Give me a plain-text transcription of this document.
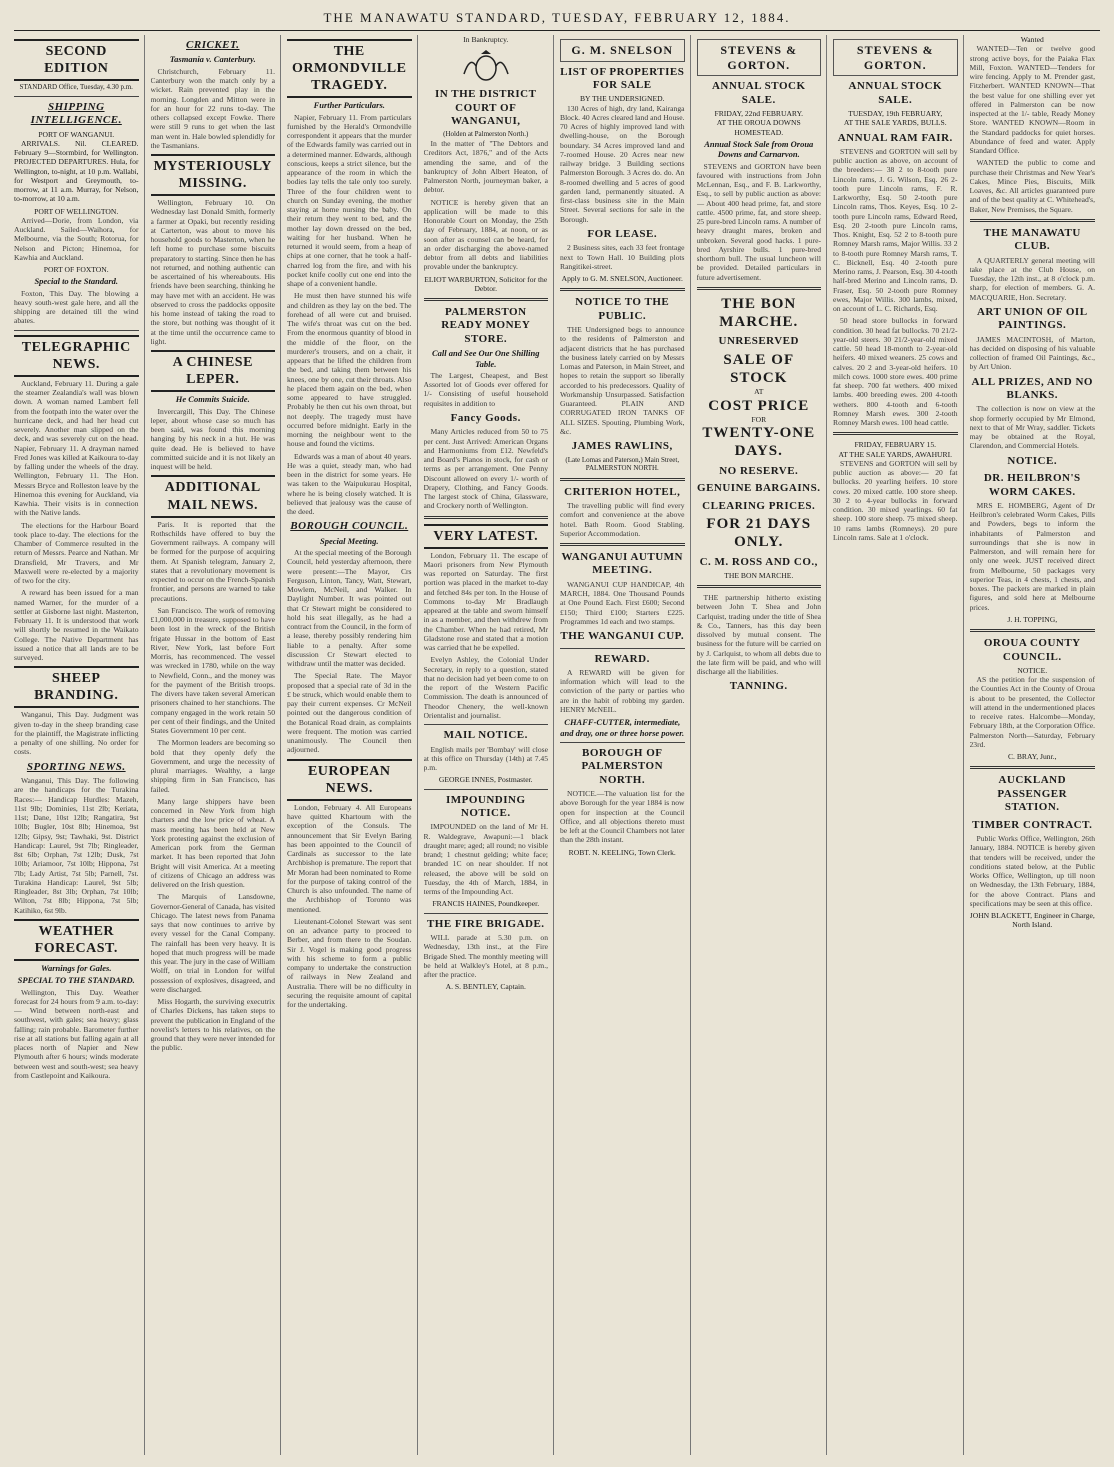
THE MANAWATU STANDARD, TUESDAY, FEBRUARY 12, 1884.
SECOND EDITION
STANDARD Office, Tuesday, 4.30 p.m.
SHIPPING INTELLIGENCE.
PORT OF WANGANUI.

ARRIVALS. Nil. CLEARED. February 9—Stormbird, for Wellington. PROJECTED DEPARTURES. Hula, for Wellington, to-night, at 10 p.m. Wallabi, for Westport and Greymouth, to-morrow, at 11 a.m. Murray, for Nelson, to-morrow, at 10 a.m.

PORT OF WELLINGTON.

Arrived—Dorie, from London, via Auckland. Sailed—Waihora, for Melbourne, via the South; Rotorua, for Nelson and Picton; Hinemoa, for Kawhia and Auckland.

PORT OF FOXTON.
Special to the Standard.

Foxton, This Day. The blowing a heavy south-west gale here, and all the shipping are detained till the wind abates.

TELEGRAPHIC NEWS.

Auckland, February 11. During a gale the steamer Zealandia's wall was blown down. A woman named Lambert fell from the footpath into the water over the hurricane deck, and had her head cut severely. Another man slipped on the deck, and was severely cut on the head. Napier, February 11. A drayman named Fred Jones was killed at Kaikoura to-day by falling under the wheels of the dray. Wellington, February 11. The Hon. Messrs Bryce and Rolleston leave by the Hinemoa this evening for Auckland, via Kawhia. Their visits is in connection with the Native lands.

The elections for the Harbour Board took place to-day. The elections for the Chamber of Commerce resulted in the return of Messrs. Pearce and Nathan. Mr Dransfield, Mr Travers, and Mr Maxwell were re-elected by a majority of two for the city.

A reward has been issued for a man named Warner, for the murder of a settler at Gisborne last night. Masterton, February 11. It is understood that work will shortly be resumed in the Waikato College. The Native Department has issued a notice that all lands are to be surveyed.

SHEEP BRANDING.

Wanganui, This Day. Judgment was given to-day in the sheep branding case for the plaintiff, the Magistrate inflicting a penalty of one shilling. No order for costs.

SPORTING NEWS.

Wanganui, This Day. The following are the handicaps for the Turakina Races:— Handicap Hurdles: Mazeh, 11st 9lb; Dominies, 11st 2lb; Keriata, 11st; Dane, 10st 12lb; Rangatira, 9st 10lb; Bugler, 10st 8lb; Hinemoa, 9st 12lb; Gipsy, 9st; Tawhaki, 9st. District Handicap: Laurel, 9st 7lb; Ringleader, 8st 6lb; Orphan, 7st 12lb; Dusk, 7st 10lb; Ariamoor, 7st 10lb; Hippona, 7st 7lb; Lady Artist, 7st 5lb; Parnell, 7st. Turakina Handicap: Laurel, 9st 5lb; Ringleader, 8st 3lb; Orphan, 7st 10lb; Wilton, 7st 8lb; Hippona, 7st 5lb; Katihiko, 6st 9lb.

WEATHER FORECAST.
Warnings for Gales.
SPECIAL TO THE STANDARD.

Wellington, This Day. Weather forecast for 24 hours from 9 a.m. to-day:— Wind between north-east and southwest, with gales; sea heavy; glass falling; rain probable. Barometer further rise at all stations but falling again at all places north of Napier and New Plymouth after 6 hours; winds moderate between west and south-west; sea heavy from Castlepoint and Kaikoura.

CRICKET.
Tasmania v. Canterbury.

Christchurch, February 11. Canterbury won the match only by a wicket. Rain prevented play in the morning. Longden and Mitton were in for an hour for 22 runs to-day. The others collapsed except Fowke. There were still 9 runs to get when the last man went in. Hale bowled splendidly for the Tasmanians.

MYSTERIOUSLY MISSING.

Wellington, February 10. On Wednesday last Donald Smith, formerly a farmer at Opaki, but recently residing at Carterton, was about to move his household goods to Masterton, when he left home to purchase some biscuits preparatory to starting. Since then he has not returned, and nothing authentic can be ascertained of his whereabouts. His friends have been searching, thinking he may have met with an accident. He was observed to cross the paddocks opposite his home instead of taking the road to the store, but nothing was thought of it at the time until the occurrence came to light.

A CHINESE LEPER.
He Commits Suicide.

Invercargill, This Day. The Chinese leper, about whose case so much has been said, was found this morning hanging by his neck in a hut. He was quite dead. He is believed to have committed suicide and it is not likely an inquest will be held.

ADDITIONAL MAIL NEWS.

Paris. It is reported that the Rothschilds have offered to buy the Government railways. A company will be formed for the purpose of acquiring them. At Spanish telegram, January 2, states that a revolutionary movement is expected to occur on the French-Spanish frontier, and persons are warned to take precautions.

San Francisco. The work of removing £1,000,000 in treasure, supposed to have been lost in the wreck of the British frigate Hussar in the bottom of East River, New York, last before Fort Morris, has recommenced. The vessel was wrecked in 1780, while on the way to Newfield, Conn., and the money was for the payment of the British troops. The divers have taken several American prisoners chained to her stanchions. The company engaged in the work retain 50 per cent of their findings, and the United States Government 10 per cent.

The Mormon leaders are becoming so bold that they openly defy the Government, and urge the necessity of plural marriages. Wealthy, a large shipping firm in San Francisco, has failed.

Many large shippers have been concerned in New York from high charters and the low price of wheat. A mass meeting has been held at New York protesting against the exclusion of American pork from the German market. It has been reported that John Bright will visit America. At a meeting of citizens of Chicago an address was delivered on the Irish question.

The Marquis of Lansdowne, Governor-General of Canada, has visited Chicago. The latest news from Panama says that now continues to arrive by every vessel for the Canal Company. The rainfall has been very heavy. It is hoped that much progress will be made this year. The jury in the case of William Wolff, on trial in London for wilful possession of explosives, disagreed, and were discharged.

Miss Hogarth, the surviving executrix of Charles Dickens, has taken steps to prevent the publication in England of the novelist's letters to his relatives, on the ground that they were never intended for the public.

THE ORMONDVILLE TRAGEDY.
Further Particulars.

Napier, February 11. From particulars furnished by the Herald's Ormondville correspondent it appears that the murder of the Edwards family was carried out in a determined manner. Edwards, although conscious, keeps a strict silence, but the appearance of the room in which the bodies lay tells the tale only too surely. Three of the four children went to church on Sunday evening, the mother staying at home nursing the baby. On their return they went to bed, and the mother lay down dressed on the bed, waiting for her husband. When he returned it would seem, from a heap of chips at one corner, that he took a half-charred log from the fire, and with his pocket knife coolly cut one end into the shape of a convenient handle.

He must then have stunned his wife and children as they lay on the bed. The forehead of all were cut and bruised. The wife's throat was cut on the bed. From the enormous quantity of blood in the middle of the floor, on the murderer's trousers, and on a chair, it appears that he lifted the children from the bed, and taking them between his knees, one by one, cut their throats. Also he placed them again on the bed, when some appeared to have struggled. Probably he then cut his own throat, but not deeply. The tragedy must have occurred before midnight. Early in the morning the neighbour went to the house and found the victims.

Edwards was a man of about 40 years. He was a quiet, steady man, who had been in the district for some years. He was taken to the Waipukurau Hospital, where he is being closely watched. It is believed that jealousy was the cause of the deed.

BOROUGH COUNCIL.
Special Meeting.

At the special meeting of the Borough Council, held yesterday afternoon, there were present:—The Mayor, Crs Ferguson, Linton, Tancy, Watt, Stewart, Mowlem, McNeil, and Walker. In Daylight Number. It was pointed out that Cr Stewart might be considered to hold his seat illegally, as he had a contract from the Council, in the form of a lease, thereby possibly rendering him liable to a penalty. After some discussion Cr Stewart elected to withdraw until the matter was decided.

The Special Rate. The Mayor proposed that a special rate of 3d in the £ be struck, which would enable them to pay their current expenses. Cr McNeil pointed out the dangerous condition of the Botanical Road drain, as complaints were frequent. The motion was carried unanimously. The Council then adjourned.

EUROPEAN NEWS.

London, February 4. All Europeans have quitted Khartoum with the exception of the Consuls. The announcement that Sir Evelyn Baring has been appointed to the Council of Cardinals as successor to the late Archbishop is premature. The report that Mr Moran had been nominated to Rome for the purpose of taking control of the Church is also unfounded. The name of the Archbishop of Toronto was mentioned.

Lieutenant-Colonel Stewart was sent on an advance party to proceed to Berber, and from there to the Soudan. Sir J. Vogel is making good progress with his scheme to form a public company to undertake the construction of railways in New Zealand and Australia. There will be no difficulty in securing the requisite amount of capital for the undertaking.

In Bankruptcy.
IN THE DISTRICT COURT OF WANGANUI,
(Holden at Palmerston North.)

In the matter of "The Debtors and Creditors Act, 1876," and of the Acts amending the same, and of the bankruptcy of John Albert Heaton, of Palmerston North, journeyman baker, a debtor.

NOTICE is hereby given that an application will be made to this Honorable Court on Monday, the 25th day of February, 1884, at noon, or as soon after as counsel can be heard, for an order discharging the above-named debtor from all debts and liabilities provable under the bankruptcy.

ELIOT WARBURTON, Solicitor for the Debtor.
PALMERSTON READY MONEY STORE.
Call and See Our One Shilling Table.

The Largest, Cheapest, and Best Assorted lot of Goods ever offered for 1/- Consisting of useful household requisites in addition to

Fancy Goods.

Many Articles reduced from 50 to 75 per cent. Just Arrived: American Organs and Harmoniums from £12. Newfeld's and Board's Pianos in stock, for cash or terms as per arrangement. One Penny Discount allowed on every 1/- worth of Drapery, Clothing, and Fancy Goods. The largest stock of China, Glassware, and Crockery north of Wellington.

VERY LATEST.

London, February 11. The escape of Maori prisoners from New Plymouth was reported on Saturday. The first portion was placed in the market to-day and fetched 84s per ton. In the House of Commons to-day Mr Bradlaugh appeared at the table and sworn himself in as a member, and then withdrew from the Chamber. When he had retired, Mr Gladstone rose and stated that a motion was carried that he be expelled.

Evelyn Ashley, the Colonial Under Secretary, in reply to a question, stated that no decision had yet been come to on the report of the Western Pacific Commission. The death is announced of Theodor Chenery, the well-known Orientalist and journalist.

MAIL NOTICE.

English mails per 'Bombay' will close at this office on Thursday (14th) at 7.45 p.m.

GEORGE INNES, Postmaster.
IMPOUNDING NOTICE.

IMPOUNDED on the land of Mr H. R. Waldegrave, Awapuni:—1 black draught mare; aged; all round; no visible brand; 1 chestnut gelding; white face; branded 1C on near shoulder. If not released, the above will be sold on Tuesday, the 4th of March, 1884, in terms of the Impounding Act.

FRANCIS HAINES, Poundkeeper.
THE FIRE BRIGADE.

WILL parade at 5.30 p.m. on Wednesday, 13th inst., at the Fire Brigade Shed. The monthly meeting will be held at Walkley's Hotel, at 8 p.m., after the practice.

A. S. BENTLEY, Captain.
G. M. SNELSON
LIST OF PROPERTIES FOR SALE
BY THE UNDERSIGNED.

130 Acres of high, dry land, Kairanga Block. 40 Acres cleared land and House. 70 Acres of highly improved land with dwelling-house, on the Borough boundary. 34 Acres improved land and 7-roomed House. 20 Acres near new railway bridge. 3 Building sections Palmerston Borough. 3 Acres do. do. An 8-roomed dwelling and 5 acres of good garden land, permanently situated. A first-class business site in the Main Street. Several sections for sale in the Borough.

FOR LEASE.

2 Business sites, each 33 feet frontage next to Town Hall. 10 Building plots Rangitikei-street.

Apply to G. M. SNELSON, Auctioneer.
NOTICE TO THE PUBLIC.

THE Undersigned begs to announce to the residents of Palmerston and adjacent districts that he has purchased the business lately carried on by Messrs Lomas and Paterson, in Main Street, and hopes to retain the support so liberally accorded to his predecessors. Quality of Workmanship Unsurpassed. Satisfaction Guaranteed. PLAIN AND CORRUGATED IRON TANKS OF ALL SIZES. Spouting, Plumbing Work, &c.

JAMES RAWLINS,
(Late Lomas and Paterson,) Main Street, PALMERSTON NORTH.
CRITERION HOTEL,

The travelling public will find every comfort and convenience at the above hotel. Bath Room. Good Stabling. Superior Accommodation.

WANGANUI AUTUMN MEETING.

WANGANUI CUP HANDICAP, 4th MARCH, 1884. One Thousand Pounds at One Pound Each. First £600; Second £150; Third £100; Starters £225. Programmes 1d each and two stamps.

THE WANGANUI CUP.
REWARD.

A REWARD will be given for information which will lead to the conviction of the party or parties who are in the habit of robbing my garden. HENRY McNEIL.

CHAFF-CUTTER, intermediate, and dray, one or three horse power.
BOROUGH OF PALMERSTON NORTH.

NOTICE.—The valuation list for the above Borough for the year 1884 is now open for inspection at the Council Office, and all objections thereto must be left at the Council Chambers not later than the 28th instant.

ROBT. N. KEELING, Town Clerk.
STEVENS & GORTON.
ANNUAL STOCK SALE.
FRIDAY, 22nd FEBRUARY.
AT THE OROUA DOWNS HOMESTEAD.
Annual Stock Sale from Oroua Downs and Carnarvon.

STEVENS and GORTON have been favoured with instructions from John McLennan, Esq., and F. B. Larkworthy, Esq., to sell by public auction as above:— About 400 head prime, fat, and store cattle. 4500 prime, fat, and store sheep. 25 pure-bred Lincoln rams. A number of heavy draught mares, broken and unbroken. Several good hacks. 1 pure-bred Ayrshire bulls. 1 pure-bred shorthorn bull. The usual luncheon will be provided. Detailed particulars in future advertisement.

THE BON MARCHE.
UNRESERVED
SALE OF STOCK
AT
COST PRICE
FOR
TWENTY-ONE DAYS.
NO RESERVE.
GENUINE BARGAINS.
CLEARING PRICES.
FOR 21 DAYS ONLY.
C. M. ROSS AND CO.,
THE BON MARCHE.

THE partnership hitherto existing between John T. Shea and John Carlquist, trading under the title of Shea & Co., Tanners, has this day been dissolved by mutual consent. The business for the future will be carried on by J. Carlquist, to whom all debts due to the late firm will be paid, and who will discharge all the liabilities.

TANNING.
STEVENS & GORTON.
ANNUAL STOCK SALE.
TUESDAY, 19th FEBRUARY,
AT THE SALE YARDS, BULLS.
ANNUAL RAM FAIR.

STEVENS and GORTON will sell by public auction as above, on account of the breeders:— 38 2 to 8-tooth pure Lincoln rams, J. G. Wilson, Esq. 26 2-tooth pure Lincoln rams, F. R. Larkworthy, Esq. 50 2-tooth pure Lincoln rams, Thos. Keyes, Esq. 10 2-tooth pure Lincoln rams, Edward Reed, Esq. 20 2-tooth pure Lincoln rams, Thos. Knight, Esq. 52 2 to 8-tooth pure Romney Marsh rams, Major Willis. 33 2 to 8-tooth pure Romney Marsh rams, T. C. Bicknell, Esq. 40 2-tooth pure Merino rams, J. Pearson, Esq. 30 4-tooth half-bred Merino and Lincoln rams, D. Fraser, Esq. 50 2-tooth pure Romney ewes, Major Willis. 300 lambs, mixed, on account of L. C. Richards, Esq.

50 head store bullocks in forward condition. 30 head fat bullocks. 70 21/2-year-old steers. 30 21/2-year-old mixed cattle. 50 head 18-month to 2-year-old heifers. 40 mixed weaners. 25 cows and calves. 20 2 and 3-year-old heifers. 10 milch cows. 1000 store ewes. 400 prime fat sheep. 700 fat wethers. 400 mixed lambs. 400 breeding ewes. 200 4-tooth wethers. 800 4-tooth and 6-tooth Romney Marsh ewes. 300 2-tooth Romney Marsh ewes. 100 head cattle.

FRIDAY, FEBRUARY 15.
AT THE SALE YARDS, AWAHURI.

STEVENS and GORTON will sell by public auction as above:— 20 fat bullocks. 20 yearling heifers. 10 store cows. 20 mixed cattle. 100 store sheep. 30 2 to 4-year bullocks in forward condition. 30 mixed yearlings. 60 fat sheep. 100 store sheep. 75 mixed sheep. 10 rams lambs (Romneys). 20 pure Lincoln rams. Sale at 1 o'clock.

Wanted

WANTED—Ten or twelve good strong active boys, for the Paiaka Flax Mill, Foxton. WANTED—Tenders for wire fencing. Apply to M. Prender gast, Fitzherbert. WANTED KNOWN—That the best value for one shilling ever yet offered in Palmerston can be now inspected at the 1/- table, Ready Money Store. WANTED KNOWN—Room in the Standard paddocks for quiet horses. Abundance of feed and water. Apply Standard Office.

WANTED the public to come and purchase their Christmas and New Year's Cakes, Mince Pies, Biscuits, Milk Loaves, &c. All articles guaranteed pure and of the best quality at C. Whitehead's, Baker, New Premises, the Square.

THE MANAWATU CLUB.

A QUARTERLY general meeting will take place at the Club House, on Tuesday, the 12th inst., at 8 o'clock p.m. sharp, for election of members. G. A. MACQUARIE, Hon. Secretary.

ART UNION OF OIL PAINTINGS.

JAMES MACINTOSH, of Marton, has decided on disposing of his valuable collection of framed Oil Paintings, &c., by Art Union.

ALL PRIZES, AND NO BLANKS.

The collection is now on view at the shop formerly occupied by Mr Elmond, next to that of Mr Wray, saddler. Tickets may be obtained at the Royal, Clarendon, and Commercial Hotels.

NOTICE.
DR. HEILBRON'S WORM CAKES.

MRS E. HOMBERG, Agent of Dr Heilbron's celebrated Worm Cakes, Pills and Powders, begs to inform the inhabitants of Palmerston and surroundings that she is now in Palmerston, and will remain here for only one week. JUST received direct from Melbourne, 50 packages very superior Teas, in 4 chests, 1 chests, and boxes. The packets are marked in plain figures, and sold here at Melbourne prices.

J. H. TOPPING,
OROUA COUNTY COUNCIL.
NOTICE.

AS the petition for the suspension of the Counties Act in the County of Oroua is about to be presented, the Collector will attend in the undermentioned places to receive rates. Halcombe—Monday, February 18th, at the Corporation Office. Palmerston North—Saturday, February 23rd.

C. BRAY, Junr.,
AUCKLAND PASSENGER STATION.
TIMBER CONTRACT.

Public Works Office, Wellington, 26th January, 1884. NOTICE is hereby given that tenders will be received, under the conditions stated below, at the Public Works Office, Wellington, up till noon on Wednesday, the 13th February, 1884, for the above Contract. Plans and specifications may be seen at this office.

JOHN BLACKETT, Engineer in Charge, North Island.
